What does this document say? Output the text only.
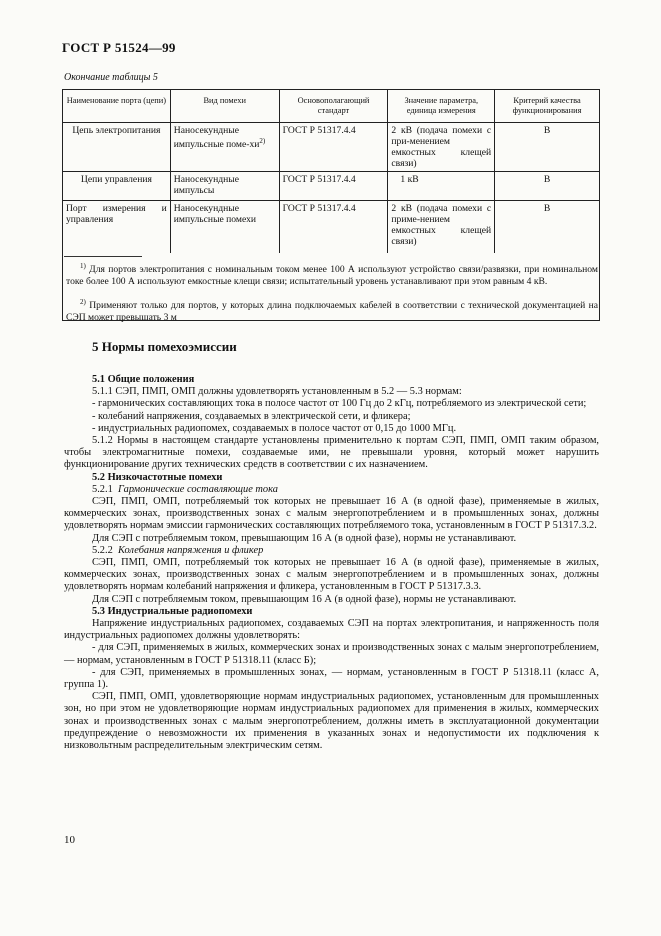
ГОСТ Р 51524—99
Окончание таблицы 5
Наименование порта (цепи)	Вид помехи	Основополагающий стандарт	Значение параметра, единица измерения	Критерий качества функционирования
Цепь электропитания	Наносекундные импульсные поме-$хи^{2)}$	ГОСТ Р 51317.4.4	2 кВ (подача помехи с при-менением емкостных клещей связи)	В
Цепи управления	Наносекундные импульсы	ГОСТ Р 51317.4.4	1 кВ	В
Порт измерения и управления	Наносекундные импульсные помехи	ГОСТ Р 51317.4.4	2 кВ (подача помехи с приме-нением емкостных клещей связи)	В
$^{1)}$ Для портов электропитания с номинальным током менее 100 А используют устройство связи/развязки, при номинальном токе более 100 А используют емкостные клещи связи; испытательный уровень устанавливают при этом равным 4 кВ.
$^{2)}$ Применяют только для портов, у которых длина подключаемых кабелей в соответствии с технической документацией на СЭП может превышать 3 м
5 Нормы помехоэмиссии

5.1 Общие положения

5.1.1 СЭП, ПМП, ОМП должны удовлетворять установленным в 5.2 — 5.3 нормам:

- гармонических составляющих тока в полосе частот от 100 Гц до 2 кГц, потребляемого из электрической сети;

- колебаний напряжения, создаваемых в электрической сети, и фликера;

- индустриальных радиопомех, создаваемых в полосе частот от 0,15 до 1000 МГц.

5.1.2 Нормы в настоящем стандарте установлены применительно к портам СЭП, ПМП, ОМП таким образом, чтобы электромагнитные помехи, создаваемые ими, не превышали уровня, который может нарушить функционирование других технических средств в соответствии с их назначением.

5.2 Низкочастотные помехи

5.2.1 Гармонические составляющие тока

СЭП, ПМП, ОМП, потребляемый ток которых не превышает 16 А (в одной фазе), применяемые в жилых, коммерческих зонах, производственных зонах с малым энергопотреблением и в промышленных зонах, должны удовлетворять нормам эмиссии гармонических составляющих потребляемого тока, установленным в ГОСТ Р 51317.3.2.

Для СЭП с потребляемым током, превышающим 16 А (в одной фазе), нормы не устанавливают.

5.2.2 Колебания напряжения и фликер

СЭП, ПМП, ОМП, потребляемый ток которых не превышает 16 А (в одной фазе), применяемые в жилых, коммерческих зонах, производственных зонах с малым энергопотреблением и в промышленных зонах, должны удовлетворять нормам колебаний напряжения и фликера, установленным в ГОСТ Р 51317.3.3.

Для СЭП с потребляемым током, превышающим 16 А (в одной фазе), нормы не устанавливают.

5.3 Индустриальные радиопомехи

Напряжение индустриальных радиопомех, создаваемых СЭП на портах электропитания, и напряженность поля индустриальных радиопомех должны удовлетворять:

- для СЭП, применяемых в жилых, коммерческих зонах и производственных зонах с малым энергопотреблением, — нормам, установленным в ГОСТ Р 51318.11 (класс Б);

- для СЭП, применяемых в промышленных зонах, — нормам, установленным в ГОСТ Р 51318.11 (класс А, группа 1).

СЭП, ПМП, ОМП, удовлетворяющие нормам индустриальных радиопомех, установленным для промышленных зон, но при этом не удовлетворяющие нормам индустриальных радиопомех для применения в жилых, коммерческих зонах и производственных зонах с малым энергопотреблением, должны иметь в эксплуатационной документации предупреждение о невозможности их применения в указанных зонах и недопустимости их подключения к низковольтным распределительным электрическим сетям.

10
